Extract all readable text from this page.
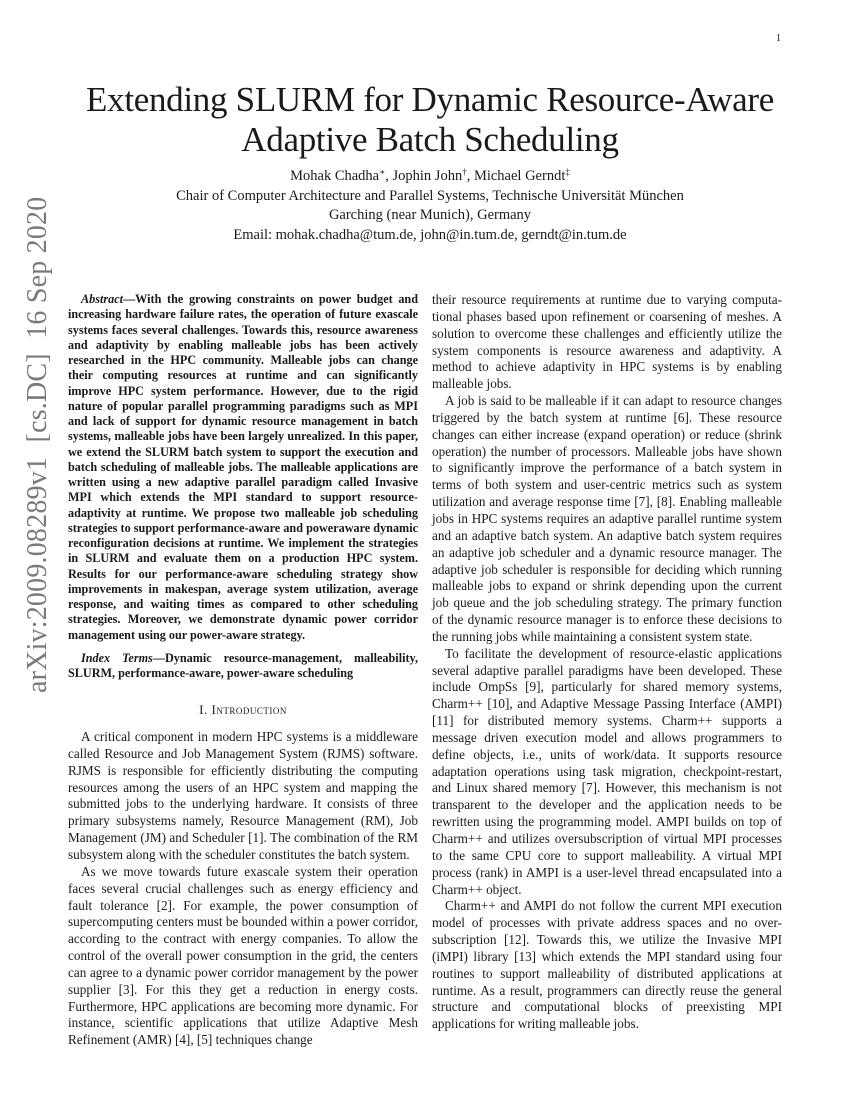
1
arXiv:2009.08289v1  [cs.DC]  16 Sep 2020
Extending SLURM for Dynamic Resource-Aware Adaptive Batch Scheduling
Mohak Chadha∗, Jophin John†, Michael Gerndt‡
Chair of Computer Architecture and Parallel Systems, Technische Universität München
Garching (near Munich), Germany
Email: mohak.chadha@tum.de, john@in.tum.de, gerndt@in.tum.de

Abstract—With the growing constraints on power budget and increasing hardware failure rates, the operation of future exascale systems faces several challenges. Towards this, resource awareness and adaptivity by enabling malleable jobs has been actively researched in the HPC community. Malleable jobs can change their computing resources at runtime and can significantly improve HPC system performance. However, due to the rigid nature of popular parallel programming paradigms such as MPI and lack of support for dynamic resource management in batch systems, malleable jobs have been largely unrealized. In this paper, we extend the SLURM batch system to support the execution and batch scheduling of malleable jobs. The malleable applications are written using a new adaptive parallel paradigm called Invasive MPI which extends the MPI standard to support resource-adaptivity at runtime. We propose two malleable job scheduling strategies to support performance-aware and poweraware dynamic reconfiguration decisions at runtime. We implement the strategies in SLURM and evaluate them on a production HPC system. Results for our performance-aware scheduling strategy show improvements in makespan, average system utilization, average response, and waiting times as compared to other scheduling strategies. Moreover, we demonstrate dynamic power corridor management using our power-aware strategy.

Index Terms—Dynamic resource-management, malleability, SLURM, performance-aware, power-aware scheduling

I. Introduction

A critical component in modern HPC systems is a middleware called Resource and Job Management System (RJMS) software. RJMS is responsible for efficiently distributing the computing resources among the users of an HPC system and mapping the submitted jobs to the underlying hardware. It consists of three primary subsystems namely, Resource Management (RM), Job Management (JM) and Scheduler [1]. The combination of the RM subsystem along with the scheduler constitutes the batch system.

As we move towards future exascale system their operation faces several crucial challenges such as energy efficiency and fault tolerance [2]. For example, the power consumption of supercomputing centers must be bounded within a power corridor, according to the contract with energy companies. To allow the control of the overall power consumption in the grid, the centers can agree to a dynamic power corridor management by the power supplier [3]. For this they get a reduction in energy costs. Furthermore, HPC applications are becoming more dynamic. For instance, scientific applications that utilize Adaptive Mesh Refinement (AMR) [4], [5] techniques change

their resource requirements at runtime due to varying computational phases based upon refinement or coarsening of meshes. A solution to overcome these challenges and efficiently utilize the system components is resource awareness and adaptivity. A method to achieve adaptivity in HPC systems is by enabling malleable jobs.

A job is said to be malleable if it can adapt to resource changes triggered by the batch system at runtime [6]. These resource changes can either increase (expand operation) or reduce (shrink operation) the number of processors. Malleable jobs have shown to significantly improve the performance of a batch system in terms of both system and user-centric metrics such as system utilization and average response time [7], [8]. Enabling malleable jobs in HPC systems requires an adaptive parallel runtime system and an adaptive batch system. An adaptive batch system requires an adaptive job scheduler and a dynamic resource manager. The adaptive job scheduler is responsible for deciding which running malleable jobs to expand or shrink depending upon the current job queue and the job scheduling strategy. The primary function of the dynamic resource manager is to enforce these decisions to the running jobs while maintaining a consistent system state.

To facilitate the development of resource-elastic applications several adaptive parallel paradigms have been developed. These include OmpSs [9], particularly for shared memory systems, Charm++ [10], and Adaptive Message Passing Interface (AMPI) [11] for distributed memory systems. Charm++ supports a message driven execution model and allows programmers to define objects, i.e., units of work/data. It supports resource adaptation operations using task migration, checkpoint-restart, and Linux shared memory [7]. However, this mechanism is not transparent to the developer and the application needs to be rewritten using the programming model. AMPI builds on top of Charm++ and utilizes oversubscription of virtual MPI processes to the same CPU core to support malleability. A virtual MPI process (rank) in AMPI is a user-level thread encapsulated into a Charm++ object.

Charm++ and AMPI do not follow the current MPI execution model of processes with private address spaces and no over-subscription [12]. Towards this, we utilize the Invasive MPI (iMPI) library [13] which extends the MPI standard using four routines to support malleability of distributed applications at runtime. As a result, programmers can directly reuse the general structure and computational blocks of preexisting MPI applications for writing malleable jobs.
